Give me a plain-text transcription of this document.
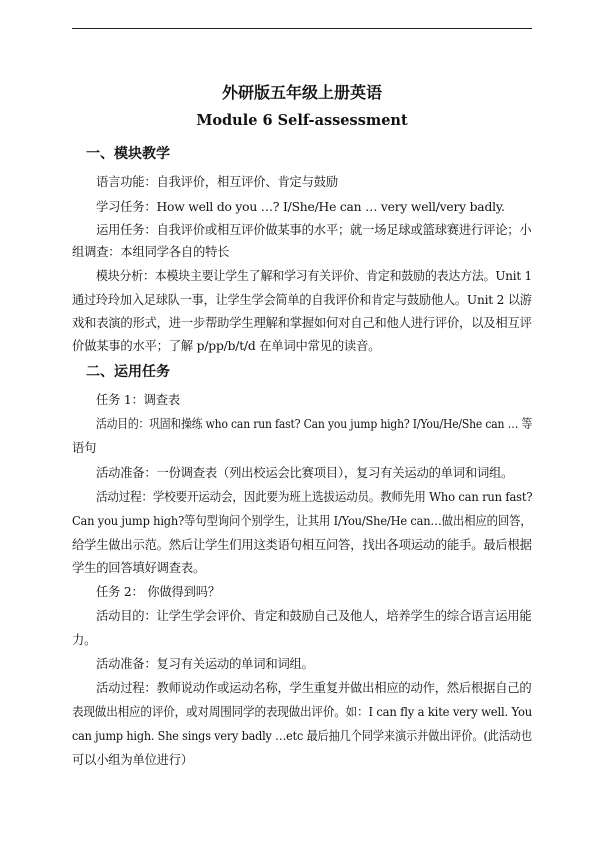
外研版五年级上册英语
Module 6 Self-assessment
一、模块教学
语言功能：自我评价，相互评价、肯定与鼓励
学习任务：How well do you …? I/She/He can … very well/very badly.
运用任务：自我评价或相互评价做某事的水平；就一场足球或篮球赛进行评论；小
组调查：本组同学各自的特长
模块分析：本模块主要让学生了解和学习有关评价、肯定和鼓励的表达方法。Unit 1
通过玲玲加入足球队一事，让学生学会简单的自我评价和肯定与鼓励他人。Unit 2 以游
戏和表演的形式，进一步帮助学生理解和掌握如何对自己和他人进行评价，以及相互评
价做某事的水平；了解 p/pp/b/t/d 在单词中常见的读音。
二、运用任务
任务 1：调查表
活动目的：巩固和操练 who can run fast? Can you jump high? I/You/He/She can … 等
语句
活动准备：一份调查表（列出校运会比赛项目），复习有关运动的单词和词组。
活动过程：学校要开运动会，因此要为班上选拔运动员。教师先用 Who can run fast?
Can you jump high?等句型询问个别学生，让其用 I/You/She/He can…做出相应的回答，
给学生做出示范。然后让学生们用这类语句相互问答，找出各项运动的能手。最后根据
学生的回答填好调查表。
任务 2： 你做得到吗？
活动目的：让学生学会评价、肯定和鼓励自己及他人，培养学生的综合语言运用能
力。
活动准备：复习有关运动的单词和词组。
活动过程：教师说动作或运动名称，学生重复并做出相应的动作，然后根据自己的
表现做出相应的评价，或对周围同学的表现做出评价。如：I can fly a kite very well. You
can jump high. She sings very badly …etc 最后抽几个同学来演示并做出评价。(此活动也
可以小组为单位进行）
